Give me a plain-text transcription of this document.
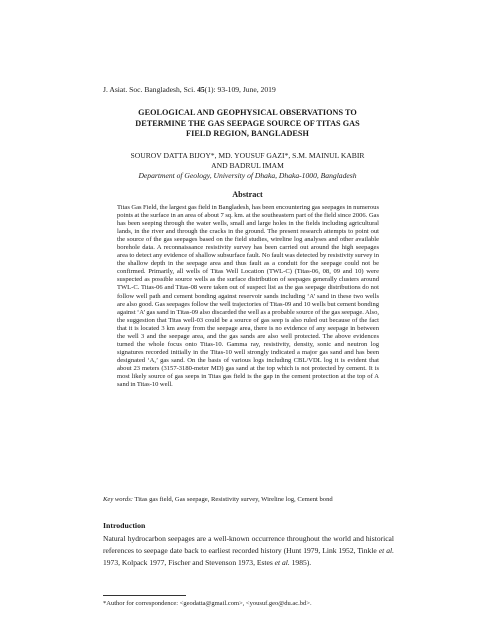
J. Asiat. Soc. Bangladesh, Sci. 45(1): 93-109, June, 2019
GEOLOGICAL AND GEOPHYSICAL OBSERVATIONS TO
DETERMINE THE GAS SEEPAGE SOURCE OF TITAS GAS
FIELD REGION, BANGLADESH
SOUROV DATTA BIJOY*, MD. YOUSUF GAZI*, S.M. MAINUL KABIR
AND BADRUL IMAM
Department of Geology, University of Dhaka, Dhaka-1000, Bangladesh
Abstract
Titas Gas Field, the largest gas field in Bangladesh, has been encountering gas seepages in numerous points at the surface in an area of about 7 sq. km. at the southeastern part of the field since 2006. Gas has been seeping through the water wells, small and large holes in the fields including agricultural lands, in the river and through the cracks in the ground. The present research attempts to point out the source of the gas seepages based on the field studies, wireline log analyses and other available borehole data. A reconnaissance resistivity survey has been carried out around the high seepages area to detect any evidence of shallow subsurface fault. No fault was detected by resistivity survey in the shallow depth in the seepage area and thus fault as a conduit for the seepage could not be confirmed. Primarily, all wells of Titas Well Location (TWL-C) (Titas-06, 08, 09 and 10) were suspected as possible source wells as the surface distribution of seepages generally clusters around TWL-C. Titas-06 and Titas-08 were taken out of suspect list as the gas seepage distributions do not follow well path and cement bonding against reservoir sands including ‘A’ sand in these two wells are also good. Gas seepages follow the well trajectories of Titas-09 and 10 wells but cement bonding against ‘A’ gas sand in Titas-09 also discarded the well as a probable source of the gas seepage. Also, the suggestion that Titas well-03 could be a source of gas seep is also ruled out because of the fact that it is located 3 km away from the seepage area, there is no evidence of any seepage in between the well 3 and the seepage area, and the gas sands are also well protected. The above evidences turned the whole focus onto Titas-10. Gamma ray, resistivity, density, sonic and neutron log signatures recorded initially in the Titas-10 well strongly indicated a major gas sand and has been designated ‘A,’ gas sand. On the basis of various logs including CBL/VDL log it is evident that about 23 meters (3157-3180-meter MD) gas sand at the top which is not protected by cement. It is most likely source of gas seeps in Titas gas field is the gap in the cement protection at the top of A sand in Titas-10 well.
Key words: Titas gas field, Gas seepage, Resistivity survey, Wireline log, Cement bond
Introduction
Natural hydrocarbon seepages are a well-known occurrence throughout the world and historical references to seepage date back to earliest recorded history (Hunt 1979, Link 1952, Tinkle et al. 1973, Kolpack 1977, Fischer and Stevenson 1973, Estes et al. 1985).
*Author for correspondence: <geodatta@gmail.com>, <yousuf.geo@du.ac.bd>.
